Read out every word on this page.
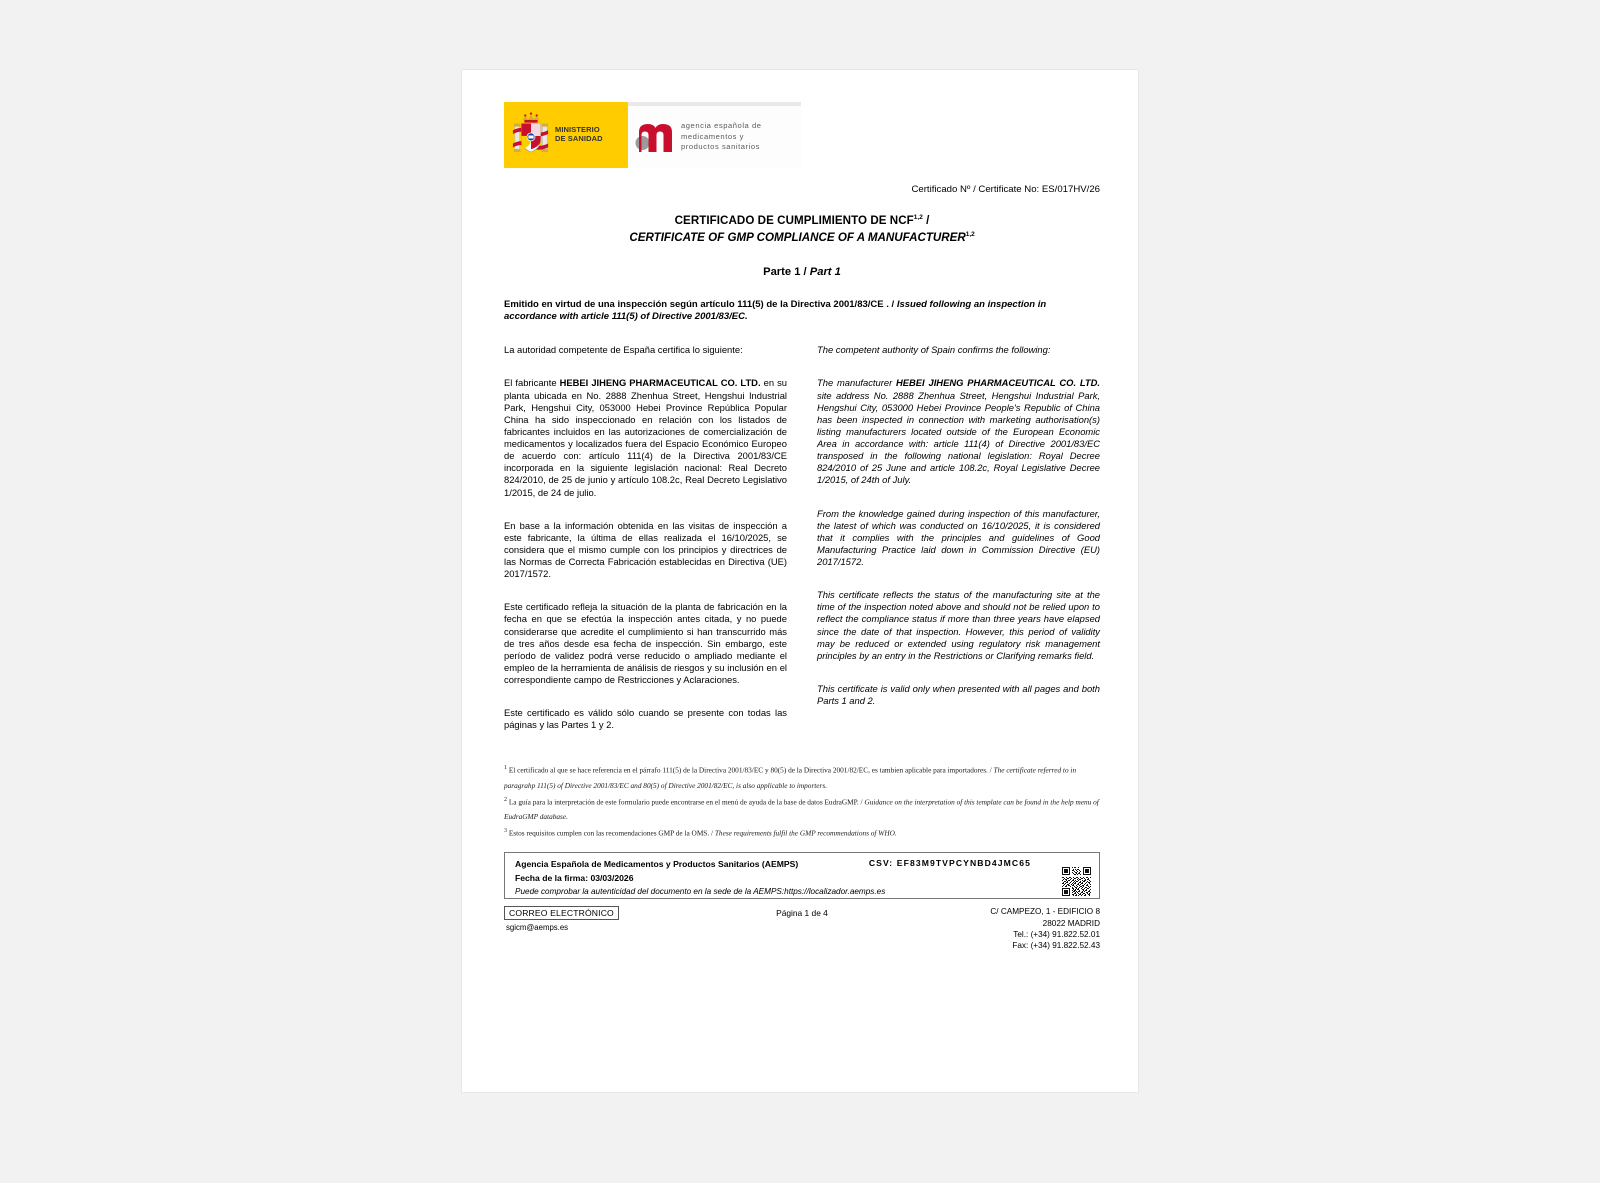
MINISTERIO
DE SANIDAD
agencia española de
medicamentos y
productos sanitarios
Certificado Nº / Certificate No: ES/017HV/26
CERTIFICADO DE CUMPLIMIENTO DE NCF$^{1,2}$ /
CERTIFICATE OF GMP COMPLIANCE OF A MANUFACTURER$^{1,2}$
Parte 1 / Part 1
Emitido en virtud de una inspección según artículo 111(5) de la Directiva 2001/83/CE . / Issued following an inspection in accordance with article 111(5) of Directive 2001/83/EC.

La autoridad competente de España certifica lo siguiente:

El fabricante HEBEI JIHENG PHARMACEUTICAL CO. LTD. en su planta ubicada en No. 2888 Zhenhua Street, Hengshui Industrial Park, Hengshui City, 053000 Hebei Province República Popular China ha sido inspeccionado en relación con los listados de fabricantes incluidos en las autorizaciones de comercialización de medicamentos y localizados fuera del Espacio Económico Europeo de acuerdo con: artículo 111(4) de la Directiva 2001/83/CE incorporada en la siguiente legislación nacional: Real Decreto 824/2010, de 25 de junio y artículo 108.2c, Real Decreto Legislativo 1/2015, de 24 de julio.

En base a la información obtenida en las visitas de inspección a este fabricante, la última de ellas realizada el 16/10/2025, se considera que el mismo cumple con los principios y directrices de las Normas de Correcta Fabricación establecidas en Directiva (UE) 2017/1572.

Este certificado refleja la situación de la planta de fabricación en la fecha en que se efectúa la inspección antes citada, y no puede considerarse que acredite el cumplimiento si han transcurrido más de tres años desde esa fecha de inspección. Sin embargo, este período de validez podrá verse reducido o ampliado mediante el empleo de la herramienta de análisis de riesgos y su inclusión en el correspondiente campo de Restricciones y Aclaraciones.

Este certificado es válido sólo cuando se presente con todas las páginas y las Partes 1 y 2.

The competent authority of Spain confirms the following:

The manufacturer HEBEI JIHENG PHARMACEUTICAL CO. LTD. site address No. 2888 Zhenhua Street, Hengshui Industrial Park, Hengshui City, 053000 Hebei Province People's Republic of China has been inspected in connection with marketing authorisation(s) listing manufacturers located outside of the European Economic Area in accordance with: article 111(4) of Directive 2001/83/EC transposed in the following national legislation: Royal Decree 824/2010 of 25 June and article 108.2c, Royal Legislative Decree 1/2015, of 24th of July.

From the knowledge gained during inspection of this manufacturer, the latest of which was conducted on 16/10/2025, it is considered that it complies with the principles and guidelines of Good Manufacturing Practice laid down in Commission Directive (EU) 2017/1572.

This certificate reflects the status of the manufacturing site at the time of the inspection noted above and should not be relied upon to reflect the compliance status if more than three years have elapsed since the date of that inspection. However, this period of validity may be reduced or extended using regulatory risk management principles by an entry in the Restrictions or Clarifying remarks field.

This certificate is valid only when presented with all pages and both Parts 1 and 2.

$^1$ El certificado al que se hace referencia en el párrafo 111(5) de la Directiva 2001/83/EC y 80(5) de la Directiva 2001/82/EC, es tambien aplicable para importadores. / The certificate referred to in paragrahp 111(5) of Directive 2001/83/EC and 80(5) of Directive 2001/82/EC, is also applicable to importers.
$^2$ La guía para la interpretación de este formulario puede encontrarse en el menú de ayuda de la base de datos EudraGMP. / Guidance on the interpretation of this template can be found in the help menu of EudraGMP database.
$^3$ Estos requisitos cumplen con las recomendaciones GMP de la OMS. / These requirements fulfil the GMP recommendations of WHO.
Agencia Española de Medicamentos y Productos Sanitarios (AEMPS)
Fecha de la firma: 03/03/2026
Puede comprobar la autenticidad del documento en la sede de la AEMPS:https://localizador.aemps.es
CSV: EF83M9TVPCYNBD4JMC65
CORREO ELECTRÓNICO
sgicm@aemps.es
Página 1 de 4	C/ CAMPEZO, 1 - EDIFICIO 8
28022 MADRID
Tel.: (+34) 91.822.52.01
Fax: (+34) 91.822.52.43
